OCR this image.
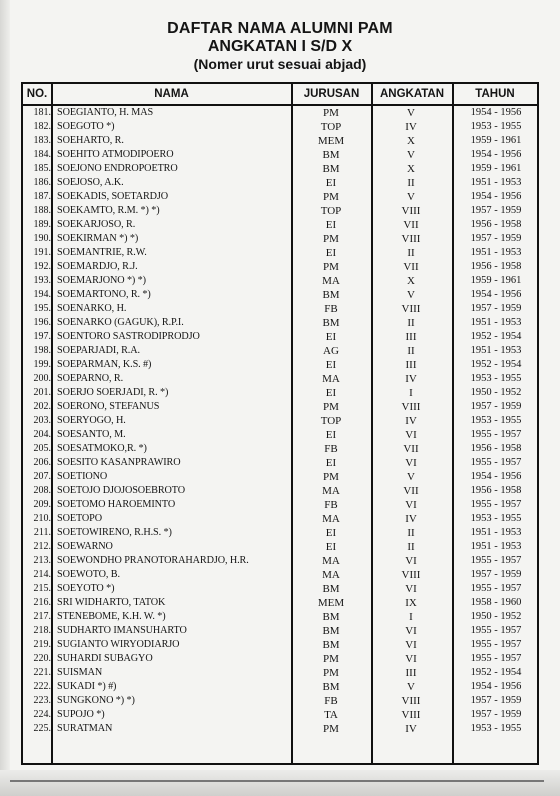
DAFTAR NAMA ALUMNI PAM
ANGKATAN I S/D X
(Nomer urut sesuai abjad)
NO.	NAMA	JURUSAN	ANGKATAN	TAHUN
181. SOEGIANTO, H. MAS	PM	V	1954 - 1956
182. SOEGOTO *)	TOP	IV	1953 - 1955
183. SOEHARTO, R.	MEM	X	1959 - 1961
184. SOEHITO ATMODIPOERO	BM	V	1954 - 1956
185. SOEJONO ENDROPOETRO	BM	X	1959 - 1961
186. SOEJOSO, A.K.	EI	II	1951 - 1953
187. SOEKADIS, SOETARDJO	PM	V	1954 - 1956
188. SOEKAMTO, R.M. *) *)	TOP	VIII	1957 - 1959
189. SOEKARJOSO, R.	EI	VII	1956 - 1958
190. SOEKIRMAN *) *)	PM	VIII	1957 - 1959
191. SOEMANTRIE, R.W.	EI	II	1951 - 1953
192. SOEMARDJO, R.J.	PM	VII	1956 - 1958
193. SOEMARJONO *) *)	MA	X	1959 - 1961
194. SOEMARTONO, R. *)	BM	V	1954 - 1956
195. SOENARKO, H.	FB	VIII	1957 - 1959
196. SOENARKO (GAGUK), R.P.I.	BM	II	1951 - 1953
197. SOENTORO SASTRODIPRODJO	EI	III	1952 - 1954
198. SOEPARJADI, R.A.	AG	II	1951 - 1953
199. SOEPARMAN, K.S. #)	EI	III	1952 - 1954
200. SOEPARNO, R.	MA	IV	1953 - 1955
201. SOERJO SOERJADI, R. *)	EI	I	1950 - 1952
202. SOERONO, STEFANUS	PM	VIII	1957 - 1959
203. SOERYOGO, H.	TOP	IV	1953 - 1955
204. SOESANTO, M.	EI	VI	1955 - 1957
205. SOESATMOKO,R. *)	FB	VII	1956 - 1958
206. SOESITO KASANPRAWIRO	EI	VI	1955 - 1957
207. SOETIONO	PM	V	1954 - 1956
208. SOETOJO DJOJOSOEBROTO	MA	VII	1956 - 1958
209. SOETOMO HAROEMINTO	FB	VI	1955 - 1957
210. SOETOPO	MA	IV	1953 - 1955
211. SOETOWIRENO, R.H.S. *)	EI	II	1951 - 1953
212. SOEWARNO	EI	II	1951 - 1953
213. SOEWONDHO PRANOTORAHARDJO, H.R.	MA	VI	1955 - 1957
214. SOEWOTO, B.	MA	VIII	1957 - 1959
215. SOEYOTO *)	BM	VI	1955 - 1957
216. SRI WIDHARTO, TATOK	MEM	IX	1958 - 1960
217. STENEBOME, K.H. W. *)	BM	I	1950 - 1952
218. SUDHARTO IMANSUHARTO	BM	VI	1955 - 1957
219. SUGIANTO WIRYODIARJO	BM	VI	1955 - 1957
220. SUHARDI SUBAGYO	PM	VI	1955 - 1957
221. SUISMAN	PM	III	1952 - 1954
222. SUKADI *) #)	BM	V	1954 - 1956
223. SUNGKONO *) *)	FB	VIII	1957 - 1959
224. SUPOJO *)	TA	VIII	1957 - 1959
225. SURATMAN	PM	IV	1953 - 1955
